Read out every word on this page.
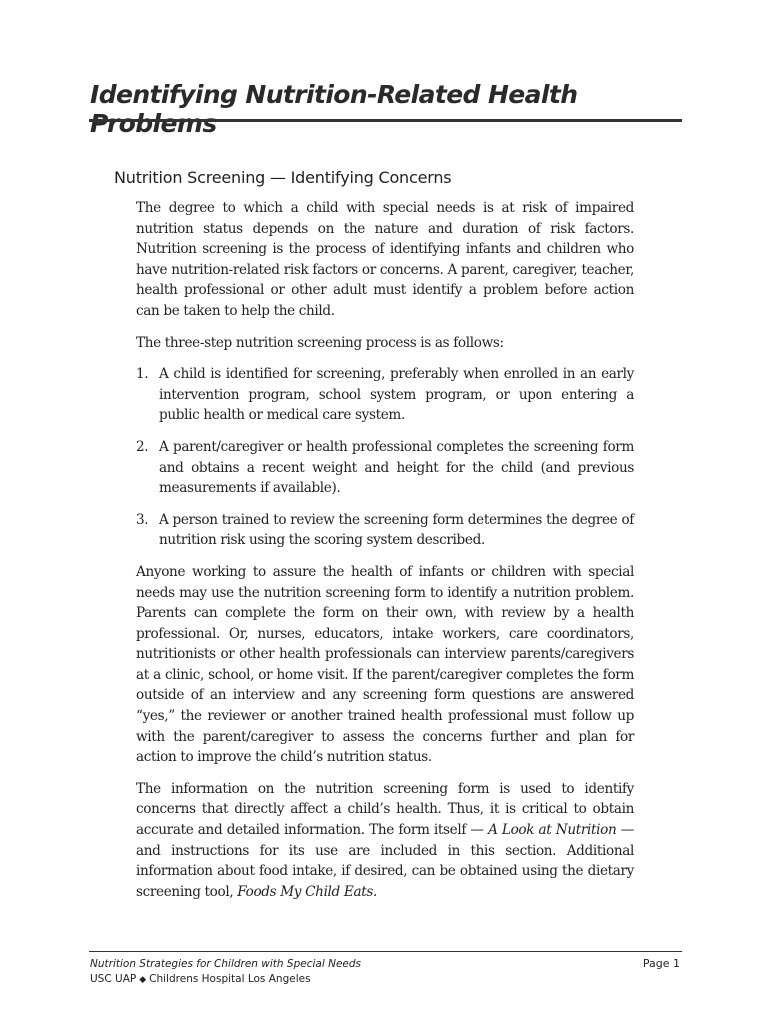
Identifying Nutrition-Related Health Problems
Nutrition Screening — Identifying Concerns

The degree to which a child with special needs is at risk of impaired nutrition status depends on the nature and duration of risk factors. Nutrition screening is the process of identifying infants and children who have nutrition-related risk factors or concerns. A parent, caregiver, teacher, health professional or other adult must identify a problem before action can be taken to help the child.

The three-step nutrition screening process is as follows:

1. A child is identified for screening, preferably when enrolled in an early intervention program, school system program, or upon entering a public health or medical care system.
2. A parent/caregiver or health professional completes the screening form and obtains a recent weight and height for the child (and previous measurements if available).
3. A person trained to review the screening form determines the degree of nutrition risk using the scoring system described.

Anyone working to assure the health of infants or children with special needs may use the nutrition screening form to identify a nutrition problem. Parents can complete the form on their own, with review by a health professional. Or, nurses, educators, intake workers, care coordinators, nutritionists or other health professionals can interview parents/caregivers at a clinic, school, or home visit. If the parent/caregiver completes the form outside of an interview and any screening form questions are answered “yes,” the reviewer or another trained health professional must follow up with the parent/caregiver to assess the concerns further and plan for action to improve the child’s nutrition status.

The information on the nutrition screening form is used to identify concerns that directly affect a child’s health. Thus, it is critical to obtain accurate and detailed information. The form itself — A Look at Nutrition — and instructions for its use are included in this section. Additional information about food intake, if desired, can be obtained using the dietary screening tool, Foods My Child Eats.

Nutrition Strategies for Children with Special Needs
USC UAP ◆ Childrens Hospital Los Angeles
Page 1
